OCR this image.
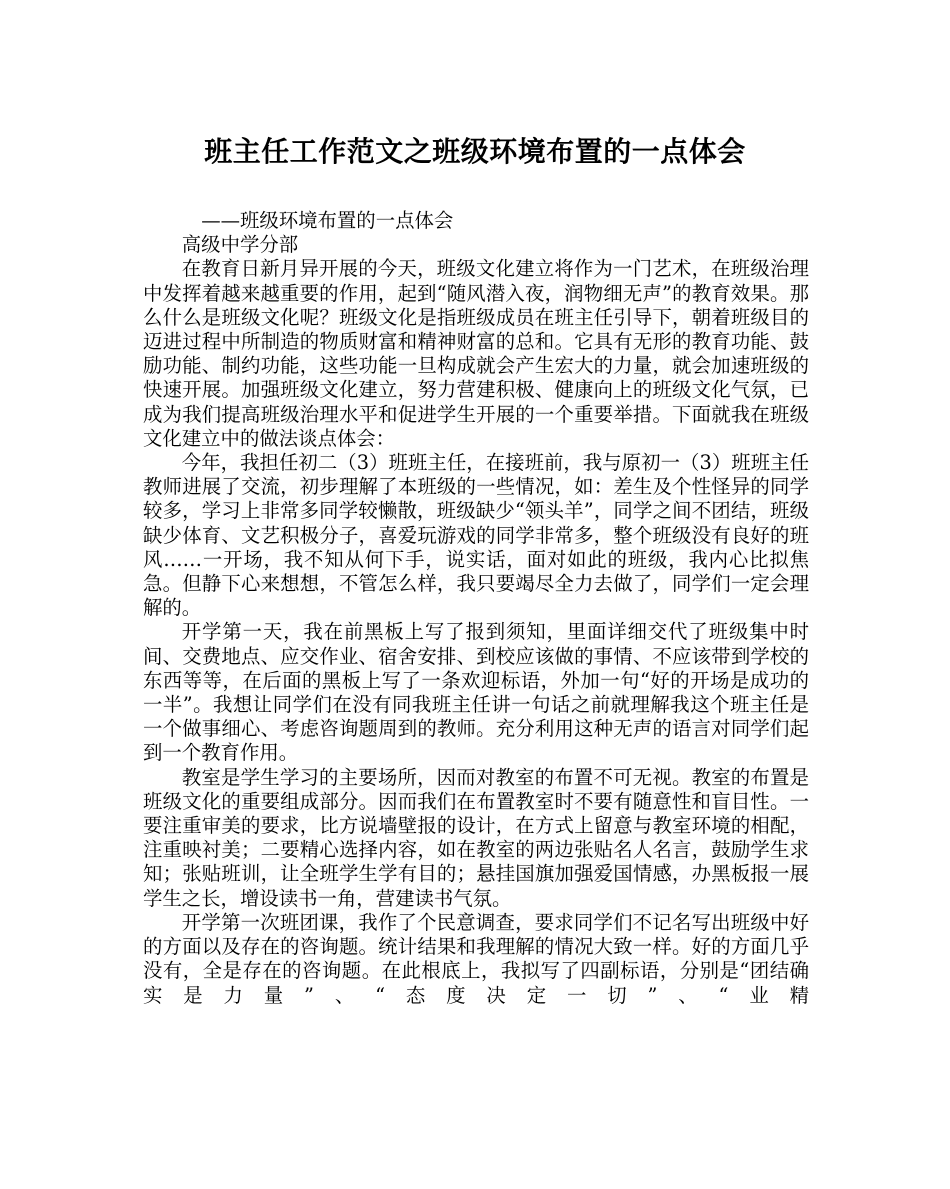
班主任工作范文之班级环境布置的一点体会

——班级环境布置的一点体会

高级中学分部

在教育日新月异开展的今天，班级文化建立将作为一门艺术，在班级治理中发挥着越来越重要的作用，起到“随风潜入夜，润物细无声”的教育效果。那么什么是班级文化呢？班级文化是指班级成员在班主任引导下，朝着班级目的迈进过程中所制造的物质财富和精神财富的总和。它具有无形的教育功能、鼓励功能、制约功能，这些功能一旦构成就会产生宏大的力量，就会加速班级的快速开展。加强班级文化建立，努力营建积极、健康向上的班级文化气氛，已成为我们提高班级治理水平和促进学生开展的一个重要举措。下面就我在班级文化建立中的做法谈点体会：

今年，我担任初二（3）班班主任，在接班前，我与原初一（3）班班主任教师进展了交流，初步理解了本班级的一些情况，如：差生及个性怪异的同学较多，学习上非常多同学较懒散，班级缺少“领头羊”，同学之间不团结，班级缺少体育、文艺积极分子，喜爱玩游戏的同学非常多，整个班级没有良好的班风……一开场，我不知从何下手，说实话，面对如此的班级，我内心比拟焦急。但静下心来想想，不管怎么样，我只要竭尽全力去做了，同学们一定会理解的。

开学第一天，我在前黑板上写了报到须知，里面详细交代了班级集中时间、交费地点、应交作业、宿舍安排、到校应该做的事情、不应该带到学校的东西等等，在后面的黑板上写了一条欢迎标语，外加一句“好的开场是成功的一半”。我想让同学们在没有同我班主任讲一句话之前就理解我这个班主任是一个做事细心、考虑咨询题周到的教师。充分利用这种无声的语言对同学们起到一个教育作用。

教室是学生学习的主要场所，因而对教室的布置不可无视。教室的布置是班级文化的重要组成部分。因而我们在布置教室时不要有随意性和盲目性。一要注重审美的要求，比方说墙壁报的设计，在方式上留意与教室环境的相配，注重映衬美；二要精心选择内容，如在教室的两边张贴名人名言，鼓励学生求知；张贴班训，让全班学生学有目的；悬挂国旗加强爱国情感，办黑板报一展学生之长，增设读书一角，营建读书气氛。

开学第一次班团课，我作了个民意调查，要求同学们不记名写出班级中好的方面以及存在的咨询题。统计结果和我理解的情况大致一样。好的方面几乎没有，全是存在的咨询题。在此根底上，我拟写了四副标语，分别是“团结确实是力量”、“态度决定一切”、“业精
